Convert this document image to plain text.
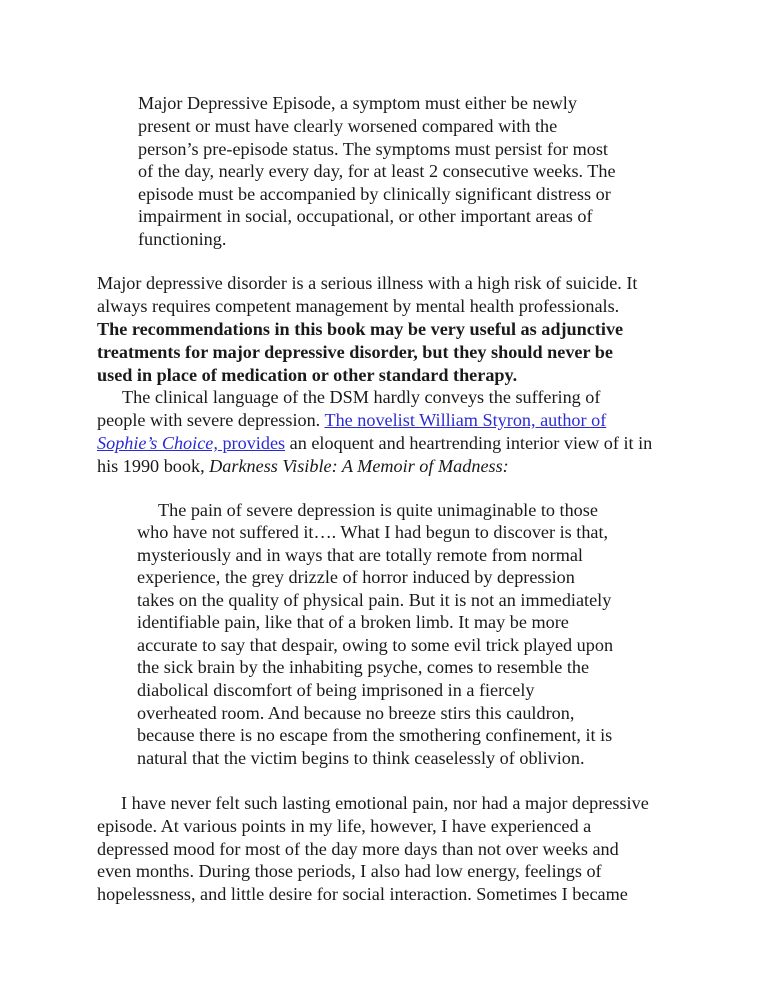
Major Depressive Episode, a symptom must either be newly
present or must have clearly worsened compared with the
person’s pre-episode status. The symptoms must persist for most
of the day, nearly every day, for at least 2 consecutive weeks. The
episode must be accompanied by clinically significant distress or
impairment in social, occupational, or other important areas of
functioning.
Major depressive disorder is a serious illness with a high risk of suicide. It
always requires competent management by mental health professionals.
The recommendations in this book may be very useful as adjunctive
treatments for major depressive disorder, but they should never be
used in place of medication or other standard therapy.
The clinical language of the DSM hardly conveys the suffering of
people with severe depression. The novelist William Styron, author of
Sophie’s Choice, provides an eloquent and heartrending interior view of it in
his 1990 book, Darkness Visible: A Memoir of Madness:
The pain of severe depression is quite unimaginable to those
who have not suffered it…. What I had begun to discover is that,
mysteriously and in ways that are totally remote from normal
experience, the grey drizzle of horror induced by depression
takes on the quality of physical pain. But it is not an immediately
identifiable pain, like that of a broken limb. It may be more
accurate to say that despair, owing to some evil trick played upon
the sick brain by the inhabiting psyche, comes to resemble the
diabolical discomfort of being imprisoned in a fiercely
overheated room. And because no breeze stirs this cauldron,
because there is no escape from the smothering confinement, it is
natural that the victim begins to think ceaselessly of oblivion.
I have never felt such lasting emotional pain, nor had a major depressive
episode. At various points in my life, however, I have experienced a
depressed mood for most of the day more days than not over weeks and
even months. During those periods, I also had low energy, feelings of
hopelessness, and little desire for social interaction. Sometimes I became
